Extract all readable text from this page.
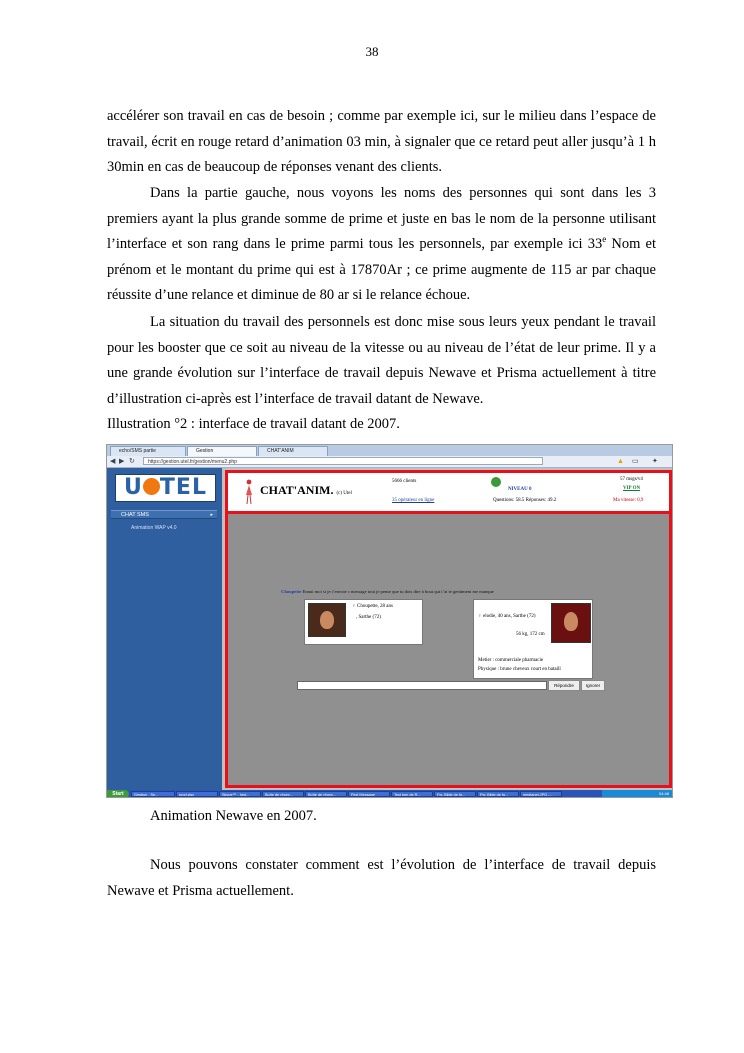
38

accélérer son travail en cas de besoin ; comme par exemple ici, sur le milieu dans l’espace de travail, écrit en rouge retard d’animation 03 min, à signaler que ce retard peut aller jusqu’à 1 h 30min en cas de beaucoup de réponses venant des clients.

Dans la partie gauche, nous voyons les noms des personnes qui sont dans les 3 premiers ayant la plus grande somme de prime et juste en bas le nom de la personne utilisant l’interface et son rang dans le prime parmi tous les personnels, par exemple ici 33e Nom et prénom et le montant du prime qui est à 17870Ar ; ce prime augmente de 115 ar par chaque réussite d’une relance et diminue de 80 ar si le relance échoue.

La situation du travail des personnels est donc mise sous leurs yeux pendant le travail pour les booster que ce soit au niveau de la vitesse ou au niveau de l’état de leur prime. Il y a une grande évolution sur l’interface de travail depuis Newave et Prisma actuellement à titre d’illustration ci-après est l’interface de travail datant de Newave.

Illustration °2 : interface de travail datant de 2007.
echo/SMS partie	Gestion	CHAT'ANIM
◀ ▶ ↻	https://gestion.utel.fr/gestion/menu2.php	▲ ▭ ✦
U TEL
CHAT SMS	▸
Animation WAP v4.0
CHAT'ANIM. (c) Utel
5666 clients
35 opérateur en ligne
NIVEAU 0
Questions: 58.5 Réponses: 49.2
57 msgs/v4
VIP ON
Ma vitesse: 0,9
Choupette Ennui moi si je t’envoie c message tout je pense que tu dois dire à bout qui t’ai te gentiment me manque
♀ Choupette, 28 ans
, Sarthe (72)	♀ elodie, 40 ans, Sarthe (72)
56 kg, 172 cm
Metier : commerciale pharmacie
Physique : brune cheveux court en bataill
Répondre	Ignorer
Start	Gestion - Se...	prod.xlsx	Skype™ - hed...	Boîte de récep...	Boîte de récep...	First Message	Test tom de R...	Fw: Bible de fo...	Fw: Bible de fo...	medianet.JPG -...	04:48
Animation Newave en 2007.

Nous pouvons constater comment est l’évolution de l’interface de travail depuis Newave et Prisma actuellement.
